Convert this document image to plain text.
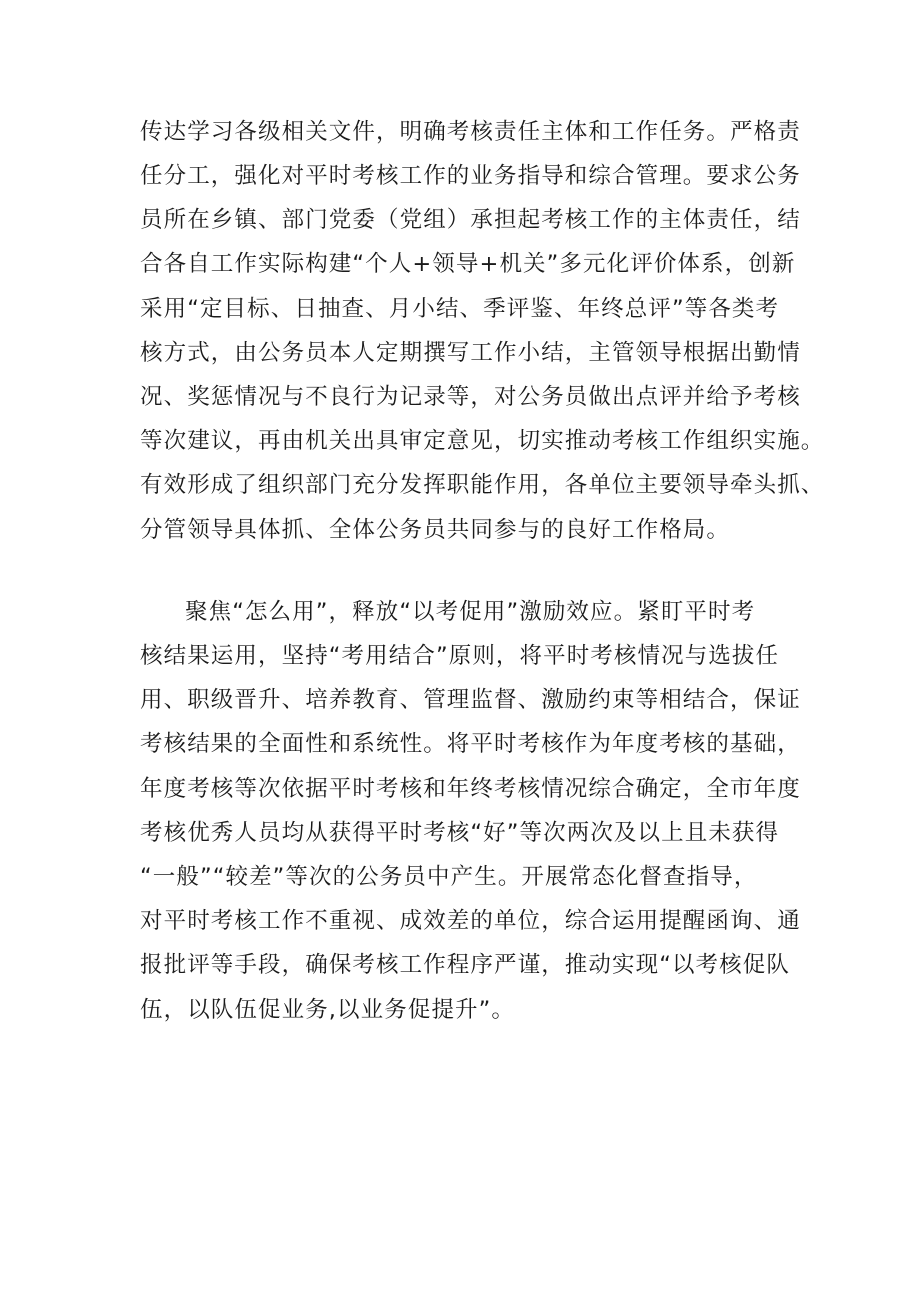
传达学习各级相关文件，明确考核责任主体和工作任务。严格责
任分工，强化对平时考核工作的业务指导和综合管理。要求公务
员所在乡镇、部门党委（党组）承担起考核工作的主体责任，结
合各自工作实际构建“个人+领导+机关”多元化评价体系，创新
采用“定目标、日抽查、月小结、季评鉴、年终总评”等各类考
核方式，由公务员本人定期撰写工作小结，主管领导根据出勤情
况、奖惩情况与不良行为记录等，对公务员做出点评并给予考核
等次建议，再由机关出具审定意见，切实推动考核工作组织实施。
有效形成了组织部门充分发挥职能作用，各单位主要领导牵头抓、
分管领导具体抓、全体公务员共同参与的良好工作格局。
聚焦“怎么用”，释放“以考促用”激励效应。紧盯平时考
核结果运用，坚持“考用结合”原则，将平时考核情况与选拔任
用、职级晋升、培养教育、管理监督、激励约束等相结合，保证
考核结果的全面性和系统性。将平时考核作为年度考核的基础，
年度考核等次依据平时考核和年终考核情况综合确定，全市年度
考核优秀人员均从获得平时考核“好”等次两次及以上且未获得
“一般”“较差”等次的公务员中产生。开展常态化督查指导，
对平时考核工作不重视、成效差的单位，综合运用提醒函询、通
报批评等手段，确保考核工作程序严谨，推动实现“以考核促队
伍，以队伍促业务,以业务促提升”。
